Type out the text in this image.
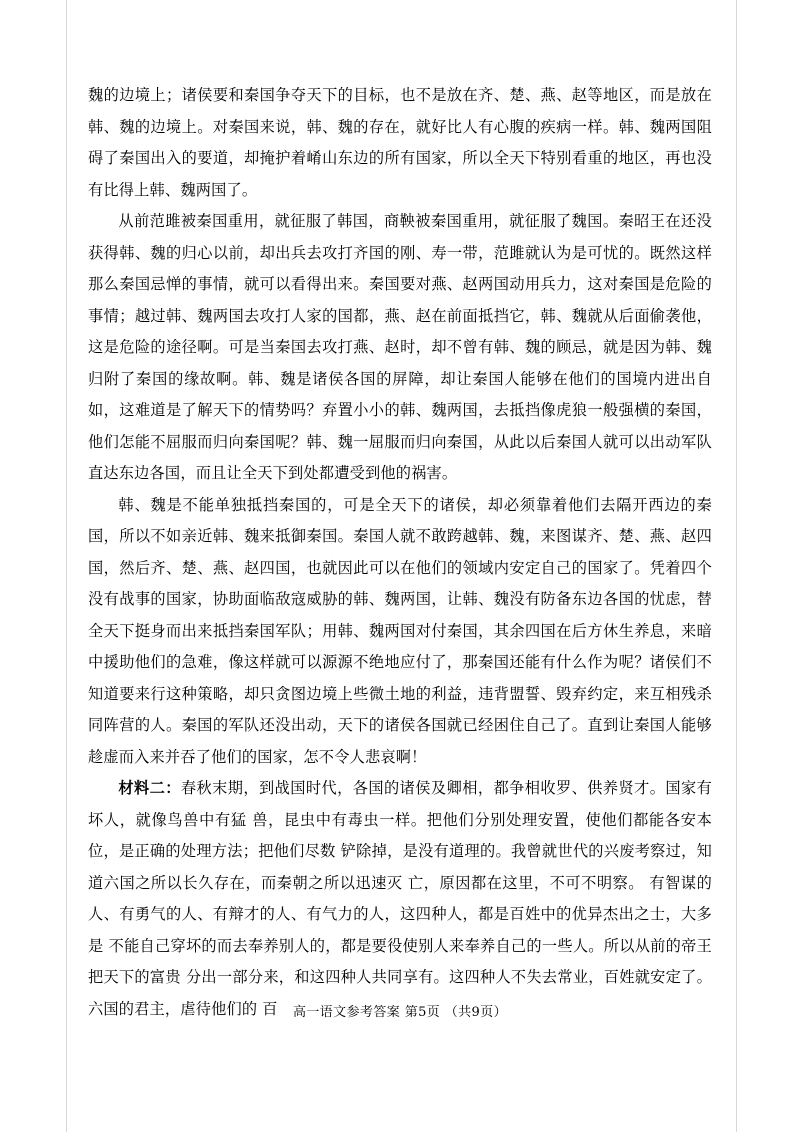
魏的边境上；诸侯要和秦国争夺天下的目标，也不是放在齐、楚、燕、赵等地区，而是放在韩、魏的边境上。对秦国来说，韩、魏的存在，就好比人有心腹的疾病一样。韩、魏两国阻碍了秦国出入的要道，却掩护着崤山东边的所有国家，所以全天下特别看重的地区，再也没有比得上韩、魏两国了。

从前范雎被秦国重用，就征服了韩国，商鞅被秦国重用，就征服了魏国。秦昭王在还没获得韩、魏的归心以前，却出兵去攻打齐国的刚、寿一带，范雎就认为是可忧的。既然这样那么秦国忌惮的事情，就可以看得出来。秦国要对燕、赵两国动用兵力，这对秦国是危险的事情；越过韩、魏两国去攻打人家的国都，燕、赵在前面抵挡它，韩、魏就从后面偷袭他，这是危险的途径啊。可是当秦国去攻打燕、赵时，却不曾有韩、魏的顾忌，就是因为韩、魏归附了秦国的缘故啊。韩、魏是诸侯各国的屏障，却让秦国人能够在他们的国境内进出自如，这难道是了解天下的情势吗？弃置小小的韩、魏两国，去抵挡像虎狼一般强横的秦国，他们怎能不屈服而归向秦国呢？韩、魏一屈服而归向秦国，从此以后秦国人就可以出动军队直达东边各国，而且让全天下到处都遭受到他的祸害。

韩、魏是不能单独抵挡秦国的，可是全天下的诸侯，却必须靠着他们去隔开西边的秦国，所以不如亲近韩、魏来抵御秦国。秦国人就不敢跨越韩、魏，来图谋齐、楚、燕、赵四国，然后齐、楚、燕、赵四国，也就因此可以在他们的领域内安定自己的国家了。凭着四个没有战事的国家，协助面临敌寇威胁的韩、魏两国，让韩、魏没有防备东边各国的忧虑，替全天下挺身而出来抵挡秦国军队；用韩、魏两国对付秦国，其余四国在后方休生养息，来暗中援助他们的急难，像这样就可以源源不绝地应付了，那秦国还能有什么作为呢？诸侯们不知道要来行这种策略，却只贪图边境上些微土地的利益，违背盟誓、毁弃约定，来互相残杀同阵营的人。秦国的军队还没出动，天下的诸侯各国就已经困住自己了。直到让秦国人能够趁虚而入来并吞了他们的国家，怎不令人悲哀啊！

材料二：春秋末期，到战国时代，各国的诸侯及卿相，都争相收罗、供养贤才。国家有坏人，就像鸟兽中有猛 兽，昆虫中有毒虫一样。把他们分别处理安置，使他们都能各安本位，是正确的处理方法；把他们尽数 铲除掉，是没有道理的。我曾就世代的兴废考察过，知道六国之所以长久存在，而秦朝之所以迅速灭 亡，原因都在这里，不可不明察。 有智谋的人、有勇气的人、有辩才的人、有气力的人，这四种人，都是百姓中的优异杰出之士，大多是 不能自己穿坏的而去奉养别人的，都是要役使别人来奉养自己的一些人。所以从前的帝王把天下的富贵 分出一部分来，和这四种人共同享有。这四种人不失去常业，百姓就安定了。六国的君主，虐待他们的 百	高一语文参考答案 第5页 （共9页）
